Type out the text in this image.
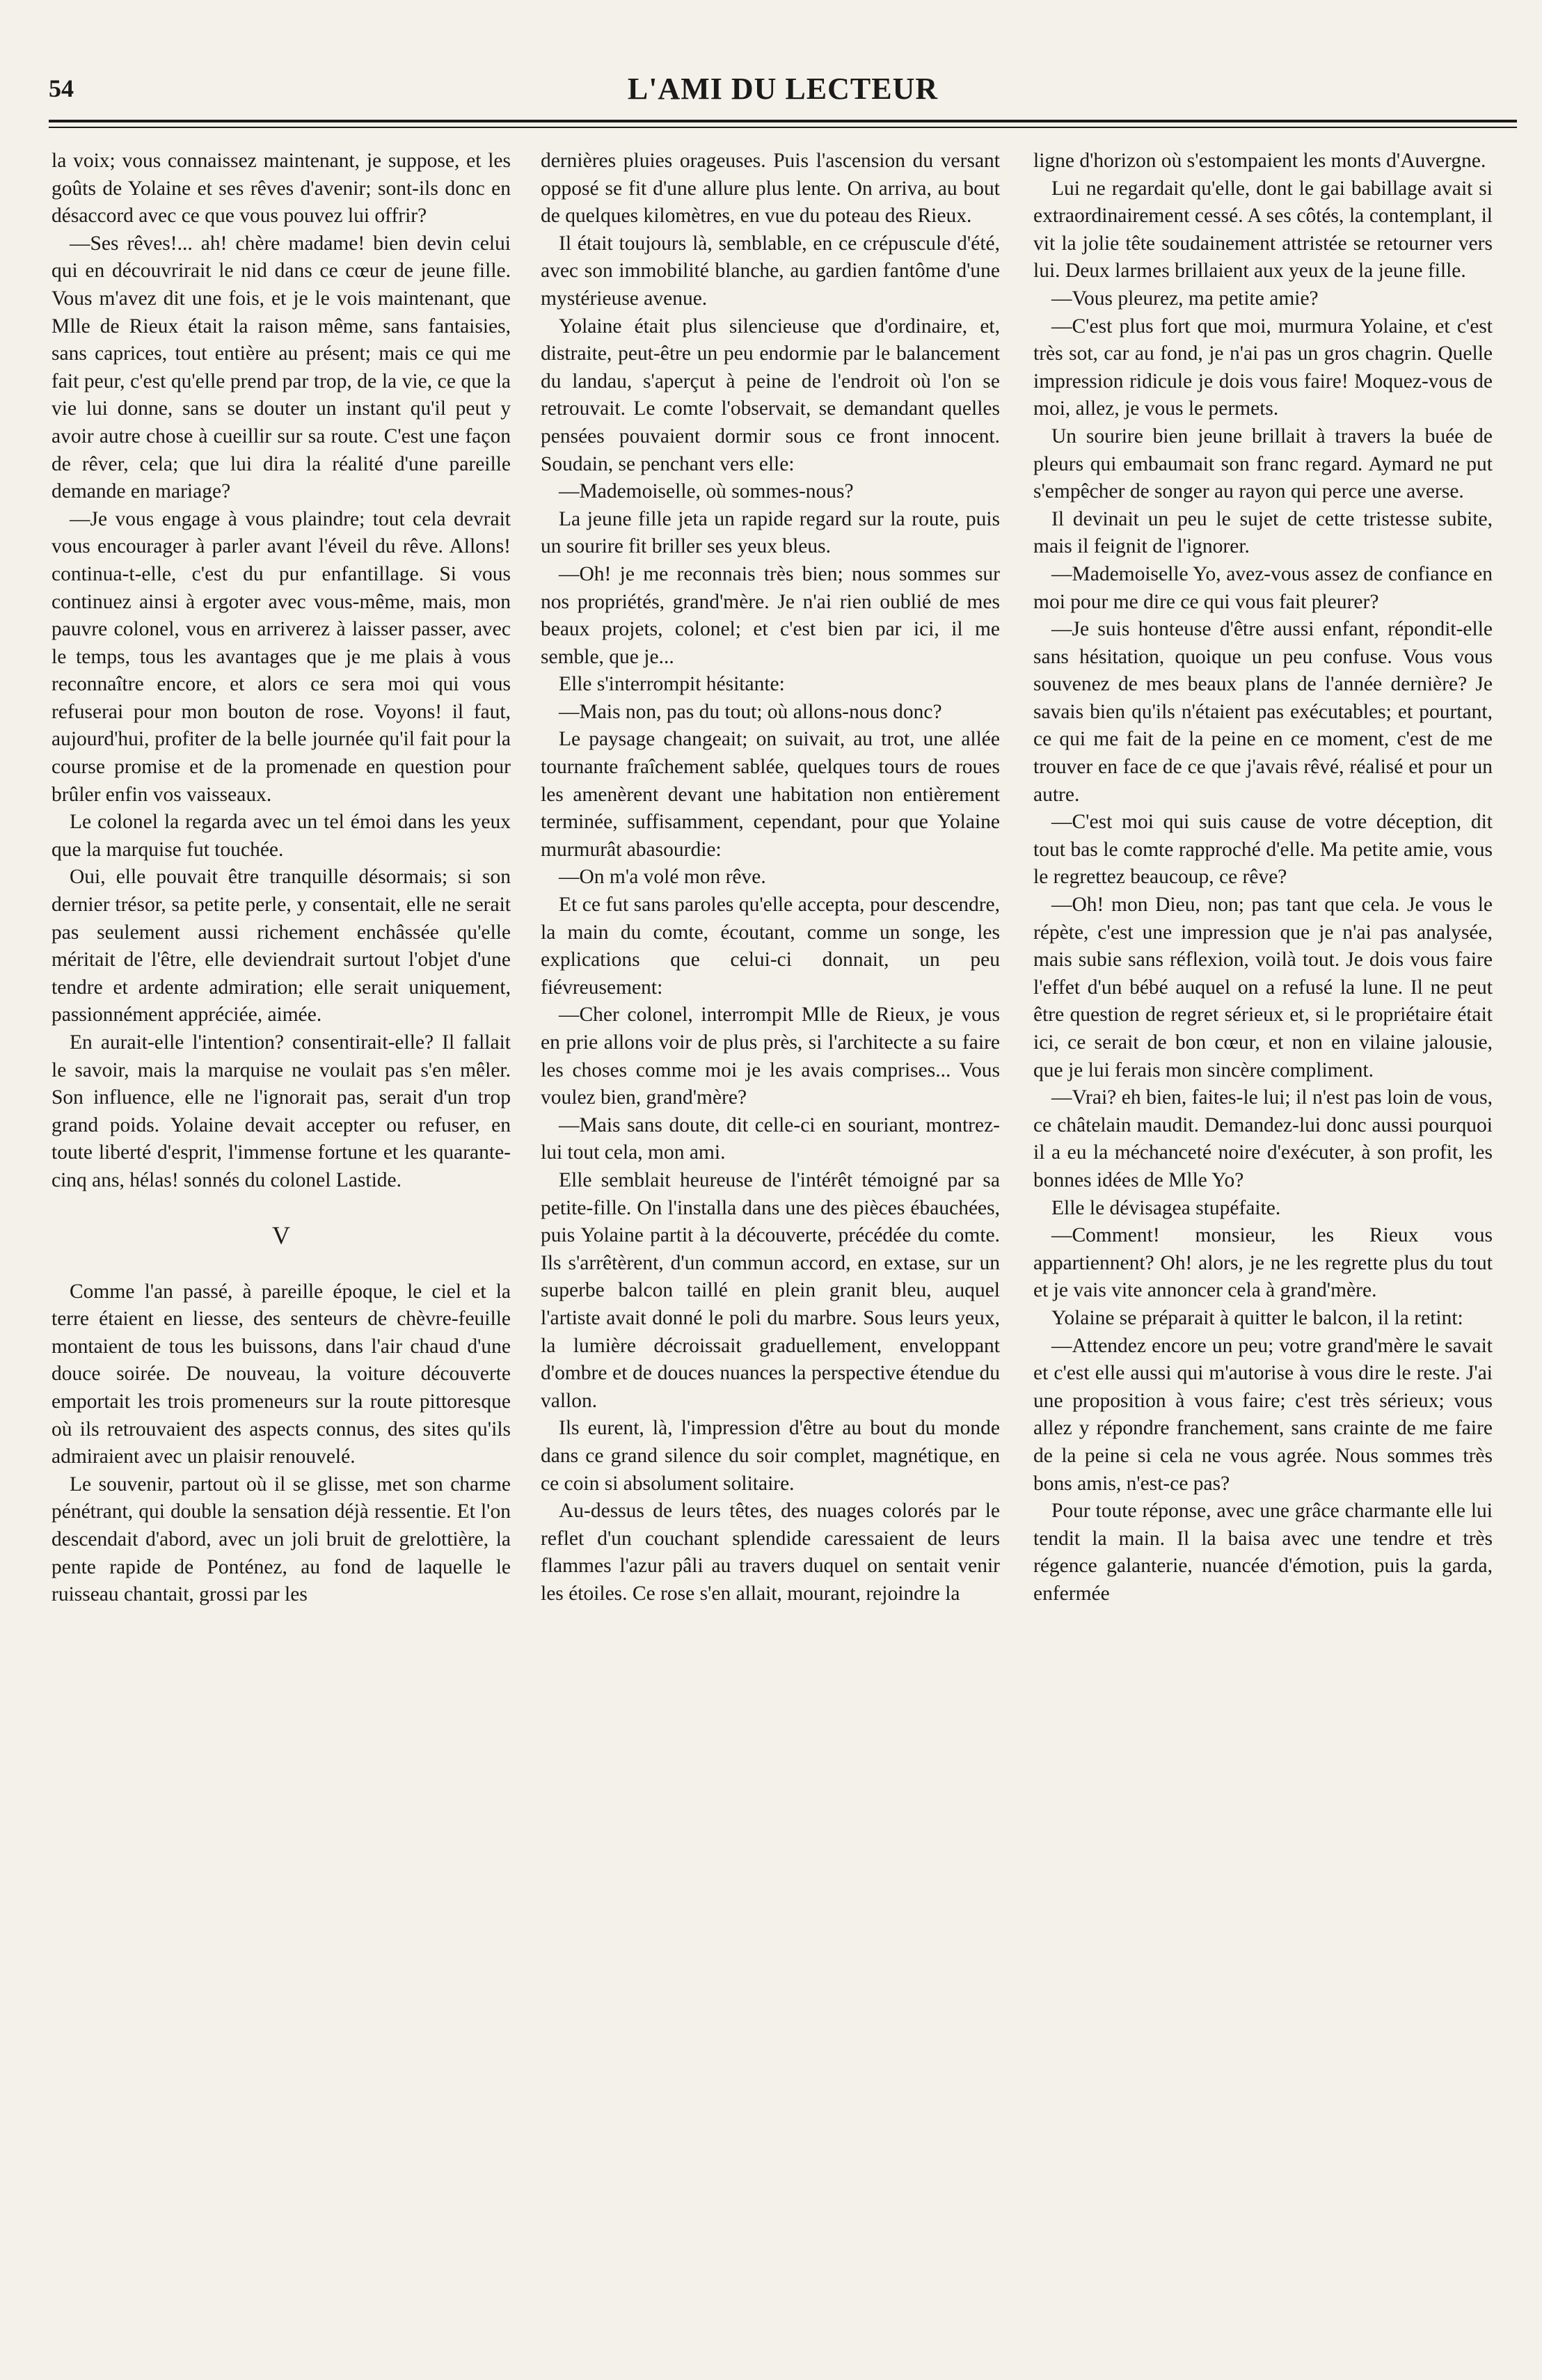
54	L'AMI DU LECTEUR

la voix; vous connaissez maintenant, je suppose, et les goûts de Yolaine et ses rêves d'avenir; sont-ils donc en désaccord avec ce que vous pouvez lui offrir?

—Ses rêves!... ah! chère madame! bien devin celui qui en découvrirait le nid dans ce cœur de jeune fille. Vous m'avez dit une fois, et je le vois maintenant, que Mlle de Rieux était la raison même, sans fantaisies, sans caprices, tout entière au présent; mais ce qui me fait peur, c'est qu'elle prend par trop, de la vie, ce que la vie lui donne, sans se douter un instant qu'il peut y avoir autre chose à cueillir sur sa route. C'est une façon de rêver, cela; que lui dira la réalité d'une pareille demande en mariage?

—Je vous engage à vous plaindre; tout cela devrait vous encourager à parler avant l'éveil du rêve. Allons! continua-t-elle, c'est du pur enfantillage. Si vous continuez ainsi à ergoter avec vous-même, mais, mon pauvre colonel, vous en arriverez à laisser passer, avec le temps, tous les avantages que je me plais à vous reconnaître encore, et alors ce sera moi qui vous refuserai pour mon bouton de rose. Voyons! il faut, aujourd'hui, profiter de la belle journée qu'il fait pour la course promise et de la promenade en question pour brûler enfin vos vaisseaux.

Le colonel la regarda avec un tel émoi dans les yeux que la marquise fut touchée.

Oui, elle pouvait être tranquille désormais; si son dernier trésor, sa petite perle, y consentait, elle ne serait pas seulement aussi richement enchâssée qu'elle méritait de l'être, elle deviendrait surtout l'objet d'une tendre et ardente admiration; elle serait uniquement, passionnément appréciée, aimée.

En aurait-elle l'intention? consentirait-elle? Il fallait le savoir, mais la marquise ne voulait pas s'en mêler. Son influence, elle ne l'ignorait pas, serait d'un trop grand poids. Yolaine devait accepter ou refuser, en toute liberté d'esprit, l'immense fortune et les quarante-cinq ans, hélas! sonnés du colonel Lastide.

V

Comme l'an passé, à pareille époque, le ciel et la terre étaient en liesse, des senteurs de chèvre-feuille montaient de tous les buissons, dans l'air chaud d'une douce soirée. De nouveau, la voiture découverte emportait les trois promeneurs sur la route pittoresque où ils retrouvaient des aspects connus, des sites qu'ils admiraient avec un plaisir renouvelé.

Le souvenir, partout où il se glisse, met son charme pénétrant, qui double la sensation déjà ressentie. Et l'on descendait d'abord, avec un joli bruit de grelottière, la pente rapide de Ponténez, au fond de laquelle le ruisseau chantait, grossi par les

dernières pluies orageuses. Puis l'ascension du versant opposé se fit d'une allure plus lente. On arriva, au bout de quelques kilomètres, en vue du poteau des Rieux.

Il était toujours là, semblable, en ce crépuscule d'été, avec son immobilité blanche, au gardien fantôme d'une mystérieuse avenue.

Yolaine était plus silencieuse que d'ordinaire, et, distraite, peut-être un peu endormie par le balancement du landau, s'aperçut à peine de l'endroit où l'on se retrouvait. Le comte l'observait, se demandant quelles pensées pouvaient dormir sous ce front innocent. Soudain, se penchant vers elle:

—Mademoiselle, où sommes-nous?

La jeune fille jeta un rapide regard sur la route, puis un sourire fit briller ses yeux bleus.

—Oh! je me reconnais très bien; nous sommes sur nos propriétés, grand'mère. Je n'ai rien oublié de mes beaux projets, colonel; et c'est bien par ici, il me semble, que je...

Elle s'interrompit hésitante:

—Mais non, pas du tout; où allons-nous donc?

Le paysage changeait; on suivait, au trot, une allée tournante fraîchement sablée, quelques tours de roues les amenèrent devant une habitation non entièrement terminée, suffisamment, cependant, pour que Yolaine murmurât abasourdie:

—On m'a volé mon rêve.

Et ce fut sans paroles qu'elle accepta, pour descendre, la main du comte, écoutant, comme un songe, les explications que celui-ci donnait, un peu fiévreusement:

—Cher colonel, interrompit Mlle de Rieux, je vous en prie allons voir de plus près, si l'architecte a su faire les choses comme moi je les avais comprises... Vous voulez bien, grand'mère?

—Mais sans doute, dit celle-ci en souriant, montrez-lui tout cela, mon ami.

Elle semblait heureuse de l'intérêt témoigné par sa petite-fille. On l'installa dans une des pièces ébauchées, puis Yolaine partit à la découverte, précédée du comte. Ils s'arrêtèrent, d'un commun accord, en extase, sur un superbe balcon taillé en plein granit bleu, auquel l'artiste avait donné le poli du marbre. Sous leurs yeux, la lumière décroissait graduellement, enveloppant d'ombre et de douces nuances la perspective étendue du vallon.

Ils eurent, là, l'impression d'être au bout du monde dans ce grand silence du soir complet, magnétique, en ce coin si absolument solitaire.

Au-dessus de leurs têtes, des nuages colorés par le reflet d'un couchant splendide caressaient de leurs flammes l'azur pâli au travers duquel on sentait venir les étoiles. Ce rose s'en allait, mourant, rejoindre la

ligne d'horizon où s'estompaient les monts d'Auvergne.

Lui ne regardait qu'elle, dont le gai babillage avait si extraordinairement cessé. A ses côtés, la contemplant, il vit la jolie tête soudainement attristée se retourner vers lui. Deux larmes brillaient aux yeux de la jeune fille.

—Vous pleurez, ma petite amie?

—C'est plus fort que moi, murmura Yolaine, et c'est très sot, car au fond, je n'ai pas un gros chagrin. Quelle impression ridicule je dois vous faire! Moquez-vous de moi, allez, je vous le permets.

Un sourire bien jeune brillait à travers la buée de pleurs qui embaumait son franc regard. Aymard ne put s'empêcher de songer au rayon qui perce une averse.

Il devinait un peu le sujet de cette tristesse subite, mais il feignit de l'ignorer.

—Mademoiselle Yo, avez-vous assez de confiance en moi pour me dire ce qui vous fait pleurer?

—Je suis honteuse d'être aussi enfant, répondit-elle sans hésitation, quoique un peu confuse. Vous vous souvenez de mes beaux plans de l'année dernière? Je savais bien qu'ils n'étaient pas exécutables; et pourtant, ce qui me fait de la peine en ce moment, c'est de me trouver en face de ce que j'avais rêvé, réalisé et pour un autre.

—C'est moi qui suis cause de votre déception, dit tout bas le comte rapproché d'elle. Ma petite amie, vous le regrettez beaucoup, ce rêve?

—Oh! mon Dieu, non; pas tant que cela. Je vous le répète, c'est une impression que je n'ai pas analysée, mais subie sans réflexion, voilà tout. Je dois vous faire l'effet d'un bébé auquel on a refusé la lune. Il ne peut être question de regret sérieux et, si le propriétaire était ici, ce serait de bon cœur, et non en vilaine jalousie, que je lui ferais mon sincère compliment.

—Vrai? eh bien, faites-le lui; il n'est pas loin de vous, ce châtelain maudit. Demandez-lui donc aussi pourquoi il a eu la méchanceté noire d'exécuter, à son profit, les bonnes idées de Mlle Yo?

Elle le dévisagea stupéfaite.

—Comment! monsieur, les Rieux vous appartiennent? Oh! alors, je ne les regrette plus du tout et je vais vite annoncer cela à grand'mère.

Yolaine se préparait à quitter le balcon, il la retint:

—Attendez encore un peu; votre grand'mère le savait et c'est elle aussi qui m'autorise à vous dire le reste. J'ai une proposition à vous faire; c'est très sérieux; vous allez y répondre franchement, sans crainte de me faire de la peine si cela ne vous agrée. Nous sommes très bons amis, n'est-ce pas?

Pour toute réponse, avec une grâce charmante elle lui tendit la main. Il la baisa avec une tendre et très régence galanterie, nuancée d'émotion, puis la garda, enfermée
